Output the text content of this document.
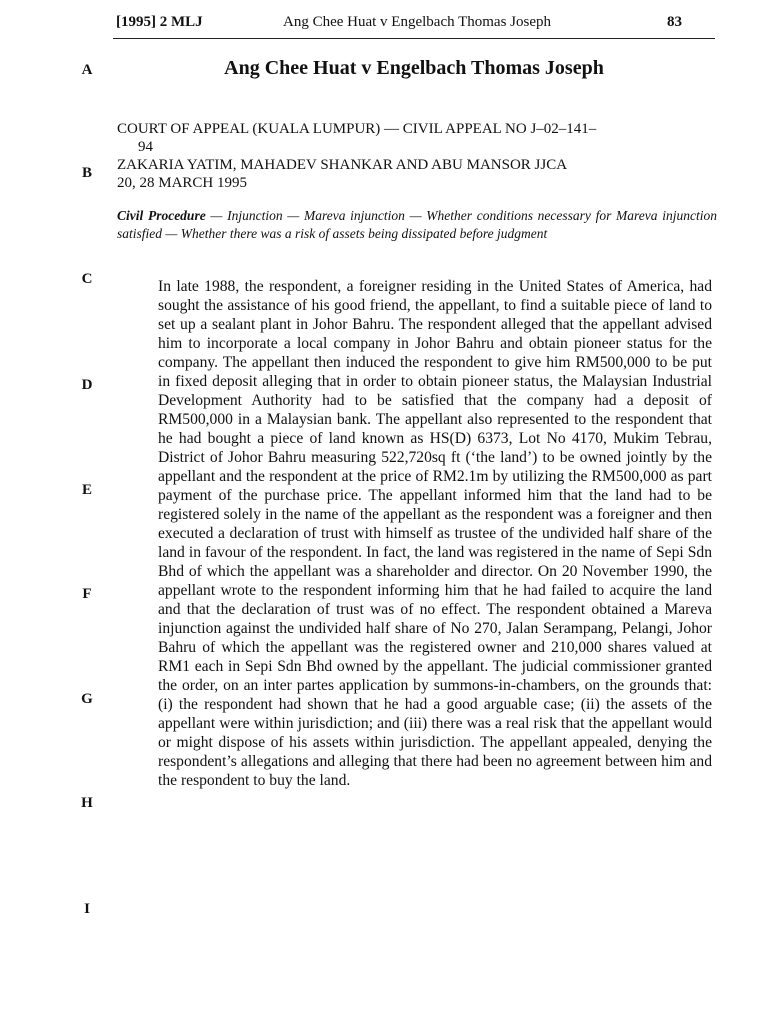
[1995] 2 MLJ	Ang Chee Huat v Engelbach Thomas Joseph	83
A
B
C
D
E
F
G
H
I
Ang Chee Huat v Engelbach Thomas Joseph
COURT OF APPEAL (KUALA LUMPUR) — CIVIL APPEAL NO J–02–141–
94
ZAKARIA YATIM, MAHADEV SHANKAR AND ABU MANSOR JJCA
20, 28 MARCH 1995
Civil Procedure — Injunction — Mareva injunction — Whether conditions necessary for Mareva injunction satisfied — Whether there was a risk of assets being dissipated before judgment
In late 1988, the respondent, a foreigner residing in the United States of America, had sought the assistance of his good friend, the appellant, to find a suitable piece of land to set up a sealant plant in Johor Bahru. The respondent alleged that the appellant advised him to incorporate a local company in Johor Bahru and obtain pioneer status for the company. The appellant then induced the respondent to give him RM500,000 to be put in fixed deposit alleging that in order to obtain pioneer status, the Malaysian Industrial Development Authority had to be satisfied that the company had a deposit of RM500,000 in a Malaysian bank. The appellant also represented to the respondent that he had bought a piece of land known as HS(D) 6373, Lot No 4170, Mukim Tebrau, District of Johor Bahru measuring 522,720sq ft (‘the land’) to be owned jointly by the appellant and the respondent at the price of RM2.1m by utilizing the RM500,000 as part payment of the purchase price. The appellant informed him that the land had to be registered solely in the name of the appellant as the respondent was a foreigner and then executed a declaration of trust with himself as trustee of the undivided half share of the land in favour of the respondent. In fact, the land was registered in the name of Sepi Sdn Bhd of which the appellant was a shareholder and director. On 20 November 1990, the appellant wrote to the respondent informing him that he had failed to acquire the land and that the declaration of trust was of no effect. The respondent obtained a Mareva injunction against the undivided half share of No 270, Jalan Serampang, Pelangi, Johor Bahru of which the appellant was the registered owner and 210,000 shares valued at RM1 each in Sepi Sdn Bhd owned by the appellant. The judicial commissioner granted the order, on an inter partes application by summons-in-chambers, on the grounds that: (i) the respondent had shown that he had a good arguable case; (ii) the assets of the appellant were within jurisdiction; and (iii) there was a real risk that the appellant would or might dispose of his assets within jurisdiction. The appellant appealed, denying the respondent’s allegations and alleging that there had been no agreement between him and the respondent to buy the land.
